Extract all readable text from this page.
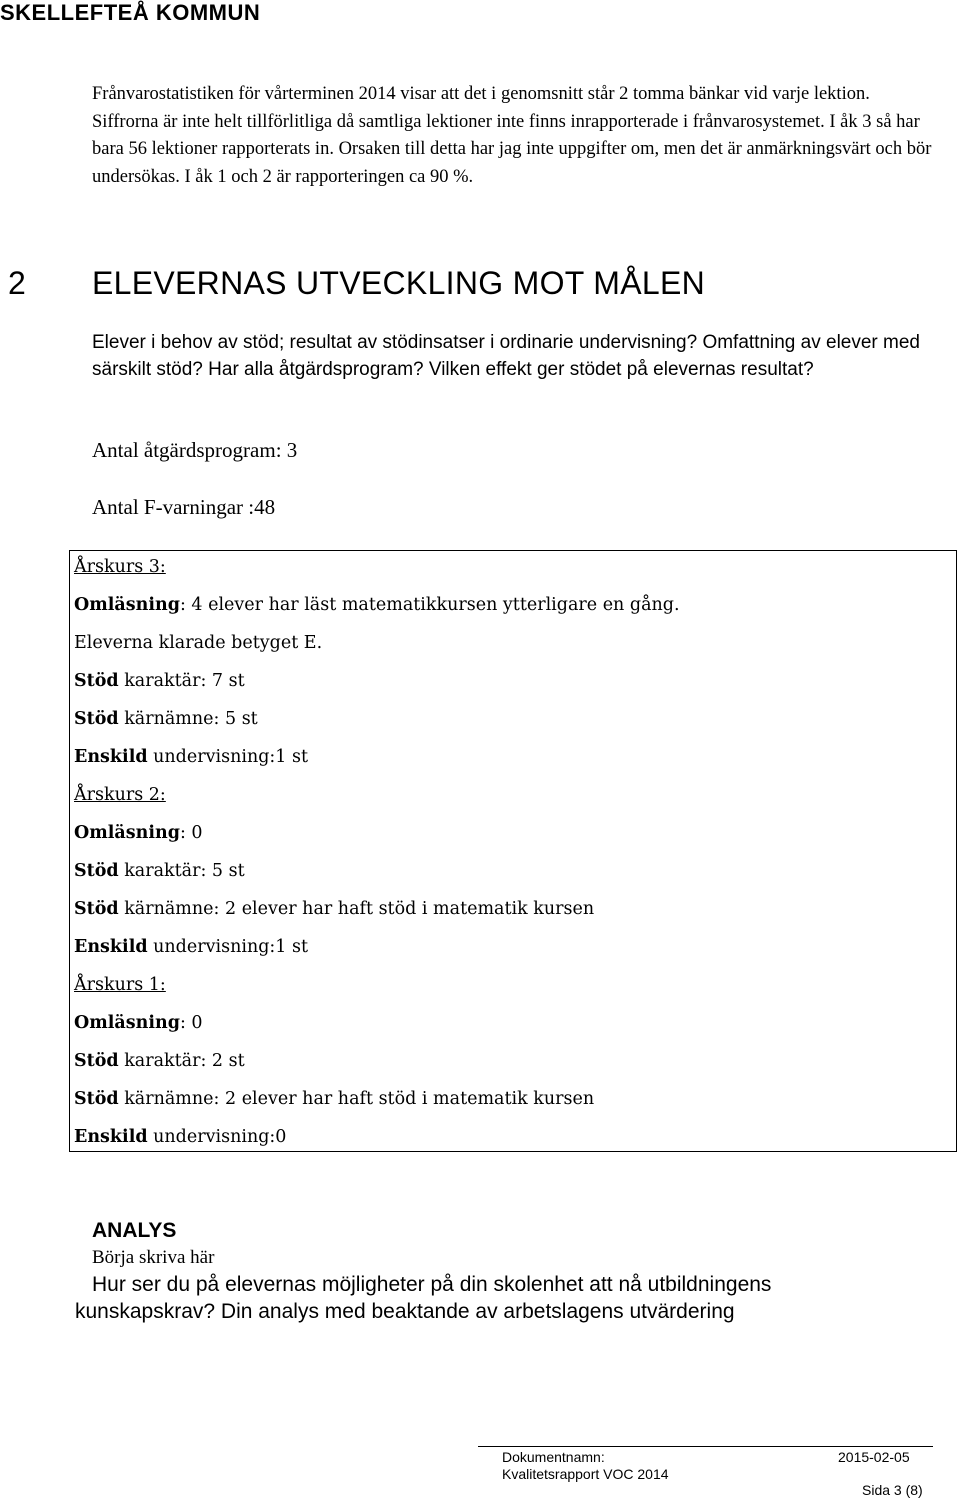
SKELLEFTEÅ KOMMUN
Frånvarostatistiken för vårterminen 2014 visar att det i genomsnitt står 2 tomma bänkar vid varje lektion. Siffrorna är inte helt tillförlitliga då samtliga lektioner inte finns inrapporterade i frånvarosystemet. I åk 3 så har bara 56 lektioner rapporterats in. Orsaken till detta har jag inte uppgifter om, men det är anmärkningsvärt och bör undersökas. I åk 1 och 2 är rapporteringen ca 90 %.
2 ELEVERNAS UTVECKLING MOT MÅLEN
Elever i behov av stöd; resultat av stödinsatser i ordinarie undervisning? Omfattning av elever med särskilt stöd? Har alla åtgärdsprogram? Vilken effekt ger stödet på elevernas resultat?
Antal åtgärdsprogram: 3
Antal F-varningar :48
Årskurs 3:
Omläsning: 4 elever har läst matematikkursen ytterligare en gång.
Eleverna klarade betyget E.
Stöd karaktär: 7 st
Stöd kärnämne: 5 st
Enskild undervisning:1 st
Årskurs 2:
Omläsning: 0
Stöd karaktär: 5 st
Stöd kärnämne: 2 elever har haft stöd i matematik kursen
Enskild undervisning:1 st
Årskurs 1:
Omläsning: 0
Stöd karaktär: 2 st
Stöd kärnämne: 2 elever har haft stöd i matematik kursen
Enskild undervisning:0
ANALYS
Börja skriva här
Hur ser du på elevernas möjligheter på din skolenhet att nå utbildningens kunskapskrav? Din analys med beaktande av arbetslagens utvärdering
Dokumentnamn:
Kvalitetsrapport VOC 2014
2015-02-05
Sida 3 (8)
